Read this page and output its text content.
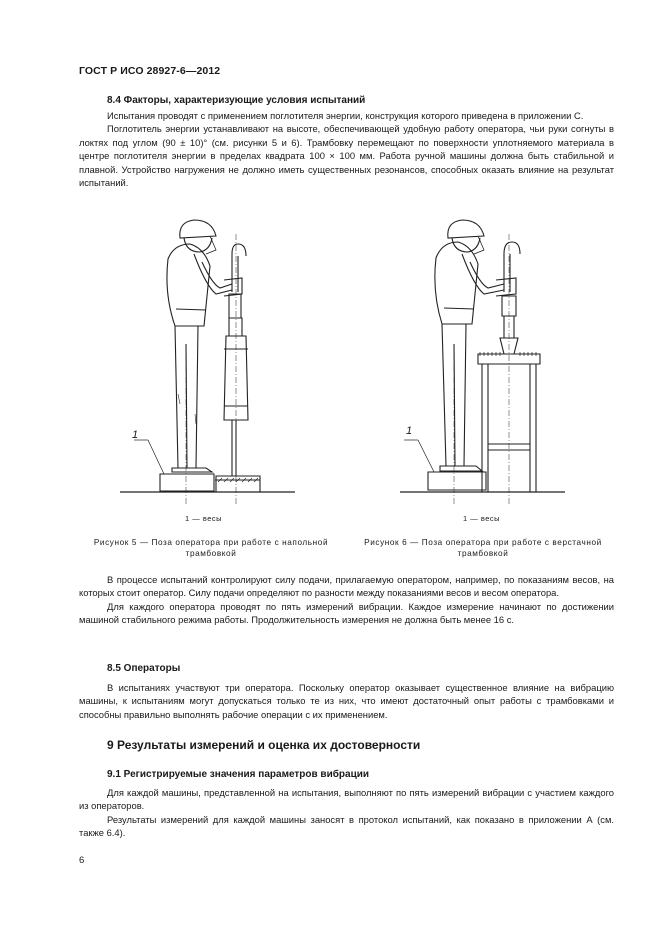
ГОСТ Р ИСО 28927-6—2012
8.4 Факторы, характеризующие условия испытаний

Испытания проводят с применением поглотителя энергии, конструкция которого приведена в приложении C.

Поглотитель энергии устанавливают на высоте, обеспечивающей удобную работу оператора, чьи руки согнуты в локтях под углом (90 ± 10)° (см. рисунки 5 и 6). Трамбовку перемещают по поверхности уплотняемого материала в центре поглотителя энергии в пределах квадрата 100 × 100 мм. Работа ручной машины должна быть стабильной и плавной. Устройство нагружения не должно иметь существенных резонансов, способных оказать влияние на результат испытаний.

1
1 — весы
Рисунок 5 — Поза оператора при работе с напольной трамбовкой
1
1 — весы
Рисунок 6 — Поза оператора при работе с верстачной трамбовкой

В процессе испытаний контролируют силу подачи, прилагаемую оператором, например, по показаниям весов, на которых стоит оператор. Силу подачи определяют по разности между показаниями весов и весом оператора.

Для каждого оператора проводят по пять измерений вибрации. Каждое измерение начинают по достижении машиной стабильного режима работы. Продолжительность измерения не должна быть менее 16 с.

8.5 Операторы

В испытаниях участвуют три оператора. Поскольку оператор оказывает существенное влияние на вибрацию машины, к испытаниям могут допускаться только те из них, что имеют достаточный опыт работы с трамбовками и способны правильно выполнять рабочие операции с их применением.

9 Результаты измерений и оценка их достоверности
9.1 Регистрируемые значения параметров вибрации

Для каждой машины, представленной на испытания, выполняют по пять измерений вибрации с участием каждого из операторов.

Результаты измерений для каждой машины заносят в протокол испытаний, как показано в приложении А (см. также 6.4).

6
